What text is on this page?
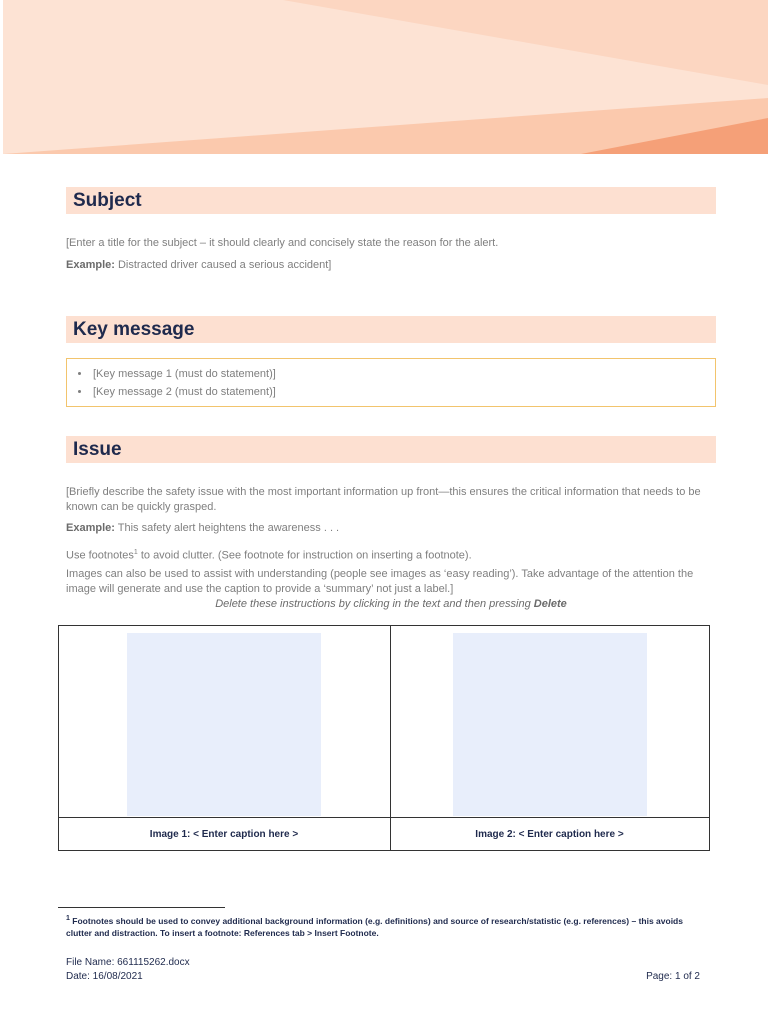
Subject
[Enter a title for the subject – it should clearly and concisely state the reason for the alert.
Example: Distracted driver caused a serious accident]
Key message
• [Key message 1 (must do statement)]
• [Key message 2 (must do statement)]
Issue
[Briefly describe the safety issue with the most important information up front—this ensures the critical information that needs to be known can be quickly grasped.
Example: This safety alert heightens the awareness . . .
Use footnotes$^1$ to avoid clutter. (See footnote for instruction on inserting a footnote).
Images can also be used to assist with understanding (people see images as ‘easy reading’). Take advantage of the attention the image will generate and use the caption to provide a ‘summary’ not just a label.]
Delete these instructions by clicking in the text and then pressing Delete
Image 1: < Enter caption here >	Image 2: < Enter caption here >
$^1$ Footnotes should be used to convey additional background information (e.g. definitions) and source of research/statistic (e.g. references) – this avoids clutter and distraction. To insert a footnote: References tab > Insert Footnote.
File Name: 661115262.docx
Date: 16/08/2021	Page: 1 of 2
